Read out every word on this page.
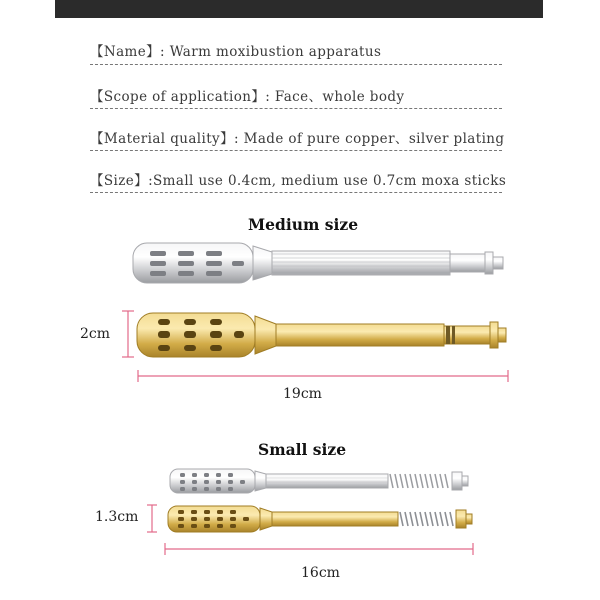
【Name】: Warm moxibustion apparatus
【Scope of application】: Face、whole body
【Material quality】: Made of pure copper、silver plating
【Size】:Small use 0.4cm, medium use 0.7cm moxa sticks
Medium size
Small size
2cm
19cm
1.3cm
16cm
